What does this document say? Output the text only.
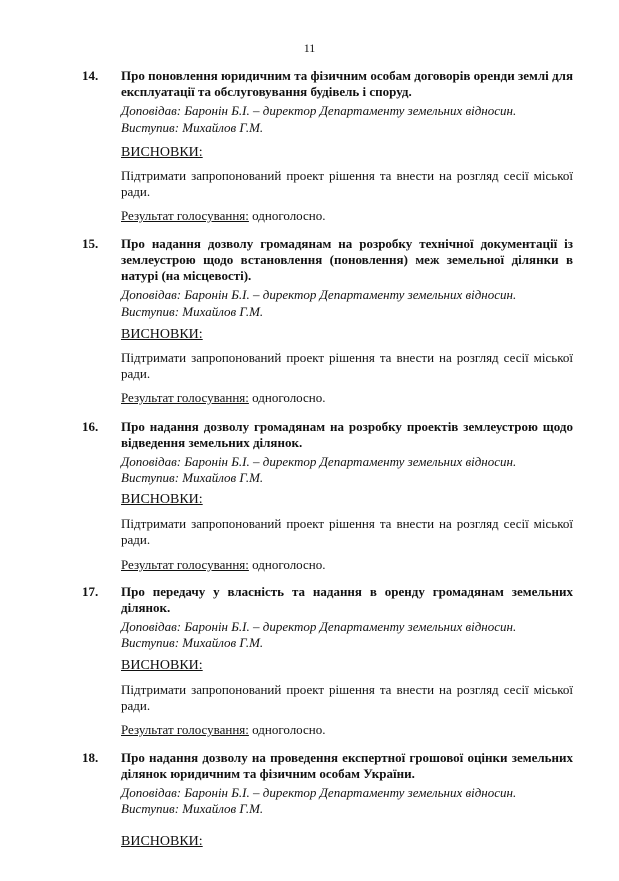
11
14. Про поновлення юридичним та фізичним особам договорів оренди землі для експлуатації та обслуговування будівель і споруд.
Доповідав: Баронін Б.І. – директор Департаменту земельних відносин.
Виступив: Михайлов Г.М.
ВИСНОВКИ:
Підтримати запропонований проект рішення та внести на розгляд сесії міської ради.
Результат голосування: одноголосно.
15. Про надання дозволу громадянам на розробку технічної документації із землеустрою щодо встановлення (поновлення) меж земельної ділянки в натурі (на місцевості).
Доповідав: Баронін Б.І. – директор Департаменту земельних відносин.
Виступив: Михайлов Г.М.
ВИСНОВКИ:
Підтримати запропонований проект рішення та внести на розгляд сесії міської ради.
Результат голосування: одноголосно.
16. Про надання дозволу громадянам на розробку проектів землеустрою щодо відведення земельних ділянок.
Доповідав: Баронін Б.І. – директор Департаменту земельних відносин.
Виступив: Михайлов Г.М.
ВИСНОВКИ:
Підтримати запропонований проект рішення та внести на розгляд сесії міської ради.
Результат голосування: одноголосно.
17. Про передачу у власність та надання в оренду громадянам земельних ділянок.
Доповідав: Баронін Б.І. – директор Департаменту земельних відносин.
Виступив: Михайлов Г.М.
ВИСНОВКИ:
Підтримати запропонований проект рішення та внести на розгляд сесії міської ради.
Результат голосування: одноголосно.
18. Про надання дозволу на проведення експертної грошової оцінки земельних ділянок юридичним та фізичним особам України.
Доповідав: Баронін Б.І. – директор Департаменту земельних відносин.
Виступив: Михайлов Г.М.
ВИСНОВКИ:
